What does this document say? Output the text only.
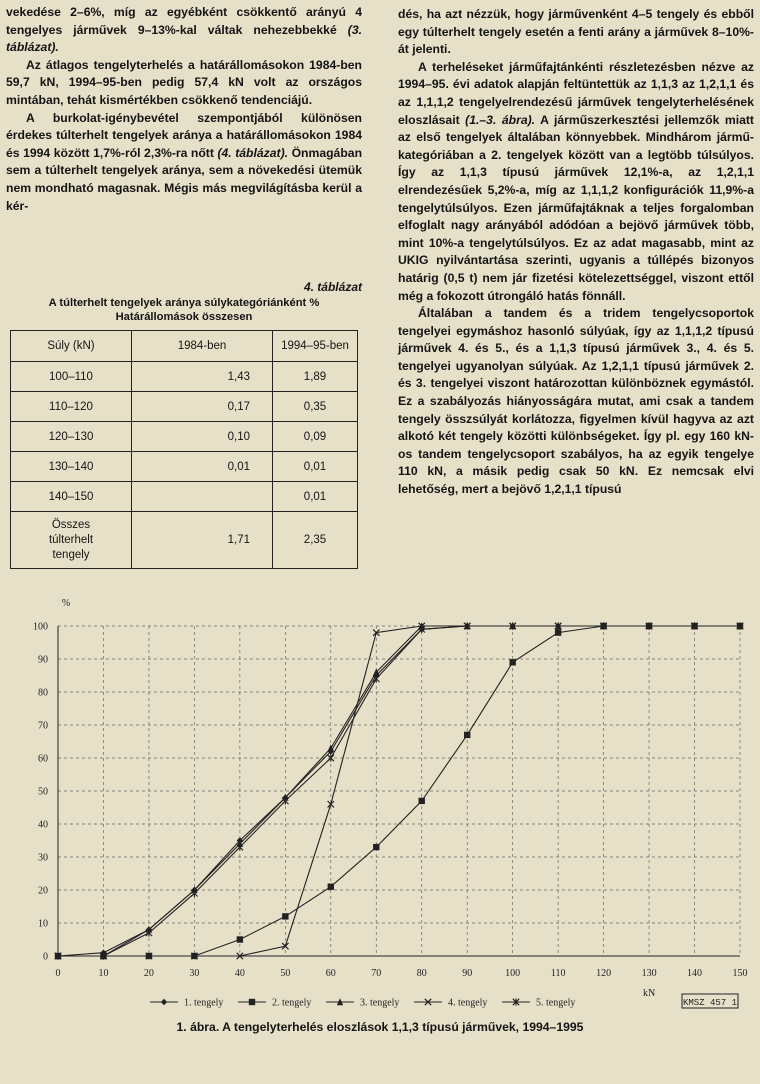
vekedése 2–6%, míg az egyébként csökkentő arányú 4 tengelyes járművek 9–13%-kal váltak nehezebbekké (3. táblázat).

Az átlagos tengelyterhelés a határállomásokon 1984-ben 59,7 kN, 1994–95-ben pedig 57,4 kN volt az országos mintában, tehát kismértékben csökkenő tendenciájú.

A burkolat-igénybevétel szempontjából különösen érdekes túlterhelt tengelyek aránya a határállomásokon 1984 és 1994 között 1,7%-ról 2,3%-ra nőtt (4. táblázat). Önmagában sem a túlterhelt tengelyek aránya, sem a növekedési ütemük nem mondható magasnak. Mégis más megvilágításba kerül a kér-

dés, ha azt nézzük, hogy járművenként 4–5 tengely és ebből egy túlterhelt tengely esetén a fenti arány a járművek 8–10%-át jelenti.

A terheléseket járműfajtánkénti részletezésben nézve az 1994–95. évi adatok alapján feltüntettük az 1,1,3 az 1,2,1,1 és az 1,1,1,2 tengelyelrendezésű járművek tengelyterhelésének eloszlásait (1.–3. ábra). A járműszerkesztési jellemzők miatt az első tengelyek általában könnyebbek. Mindhárom jármű-kategóriában a 2. tengelyek között van a legtöbb túlsúlyos. Így az 1,1,3 típusú járművek 12,1%-a, az 1,2,1,1 elrendezésűek 5,2%-a, míg az 1,1,1,2 konfigurációk 11,9%-a tengelytúlsúlyos. Ezen járműfajtáknak a teljes forgalomban elfoglalt nagy arányából adódóan a bejövő járművek több, mint 10%-a tengelytúlsúlyos. Ez az adat magasabb, mint az UKIG nyilvántartása szerinti, ugyanis a túllépés bizonyos határig (0,5 t) nem jár fizetési kötelezettséggel, viszont ettől még a fokozott útrongáló hatás fönnáll.

Általában a tandem és a tridem tengelycsoportok tengelyei egymáshoz hasonló súlyúak, így az 1,1,1,2 típusú járművek 4. és 5., és a 1,1,3 típusú járművek 3., 4. és 5. tengelyei ugyanolyan súlyúak. Az 1,2,1,1 típusú járművek 2. és 3. tengelyei viszont határozottan különböznek egymástól. Ez a szabályozás hiányosságára mutat, ami csak a tandem tengely összsúlyát korlátozza, figyelmen kívül hagyva az azt alkotó két tengely közötti különbségeket. Így pl. egy 160 kN-os tandem tengelycsoport szabályos, ha az egyik tengelye 110 kN, a másik pedig csak 50 kN. Ez nemcsak elvi lehetőség, mert a bejövő 1,2,1,1 típusú

4. táblázat
A túlterhelt tengelyek aránya súlykategóriánként %
Határállomások összesen
Súly (kN)	1984-ben	1994–95-ben
100–110	1,43	1,89
110–120	0,17	0,35
120–130	0,10	0,09
130–140	0,01	0,01
140–150		0,01
Összes
túlterhelt
tengely	1,71	2,35
0
10
20
30
40
50
60
70
80
90
100
0	10	20	30	40	50	60	70	80	90	100	110	120	130	140	150
%
kN
1. tengely	2. tengely	3. tengely	4. tengely	5. tengely	KMSZ 457 1
1. ábra. A tengelyterhelés eloszlások 1,1,3 típusú járművek, 1994–1995
